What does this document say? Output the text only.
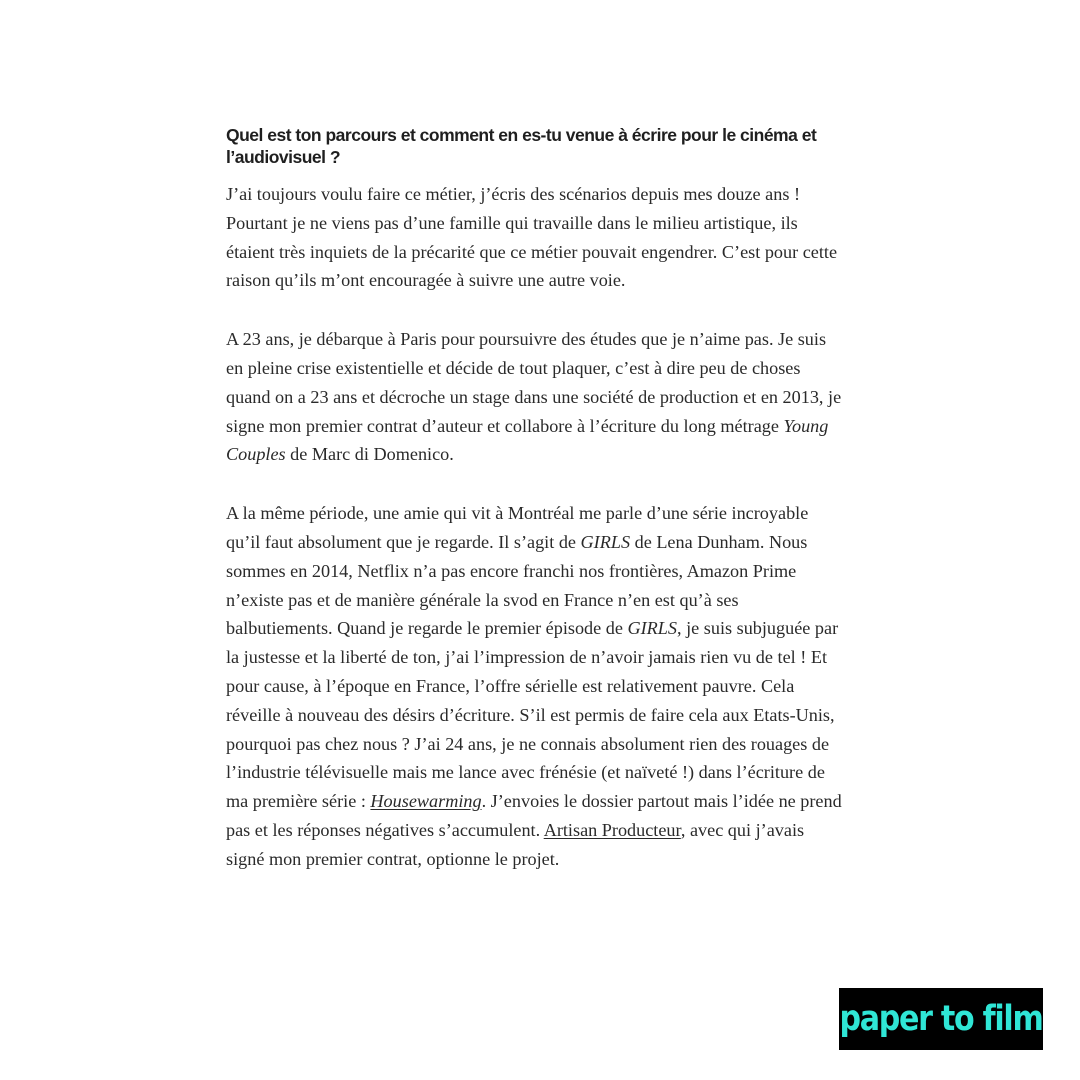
Quel est ton parcours et comment en es-tu venue à écrire pour le cinéma et l’audiovisuel ?

J’ai toujours voulu faire ce métier, j’écris des scénarios depuis mes douze ans ! Pourtant je ne viens pas d’une famille qui travaille dans le milieu artistique, ils étaient très inquiets de la précarité que ce métier pouvait engendrer. C’est pour cette raison qu’ils m’ont encouragée à suivre une autre voie.

A 23 ans, je débarque à Paris pour poursuivre des études que je n’aime pas. Je suis en pleine crise existentielle et décide de tout plaquer, c’est à dire peu de choses quand on a 23 ans et décroche un stage dans une société de production et en 2013, je signe mon premier contrat d’auteur et collabore à l’écriture du long métrage Young Couples de Marc di Domenico.

A la même période, une amie qui vit à Montréal me parle d’une série incroyable qu’il faut absolument que je regarde. Il s’agit de GIRLS de Lena Dunham. Nous sommes en 2014, Netflix n’a pas encore franchi nos frontières, Amazon Prime n’existe pas et de manière générale la svod en France n’en est qu’à ses balbutiements. Quand je regarde le premier épisode de GIRLS, je suis subjuguée par la justesse et la liberté de ton, j’ai l’impression de n’avoir jamais rien vu de tel ! Et pour cause, à l’époque en France, l’offre sérielle est relativement pauvre. Cela réveille à nouveau des désirs d’écriture. S’il est permis de faire cela aux Etats-Unis, pourquoi pas chez nous ? J’ai 24 ans, je ne connais absolument rien des rouages de l’industrie télévisuelle mais me lance avec frénésie (et naïveté !) dans l’écriture de ma première série : Housewarming. J’envoies le dossier partout mais l’idée ne prend pas et les réponses négatives s’accumulent. Artisan Producteur, avec qui j’avais signé mon premier contrat, optionne le projet.

paper to film
